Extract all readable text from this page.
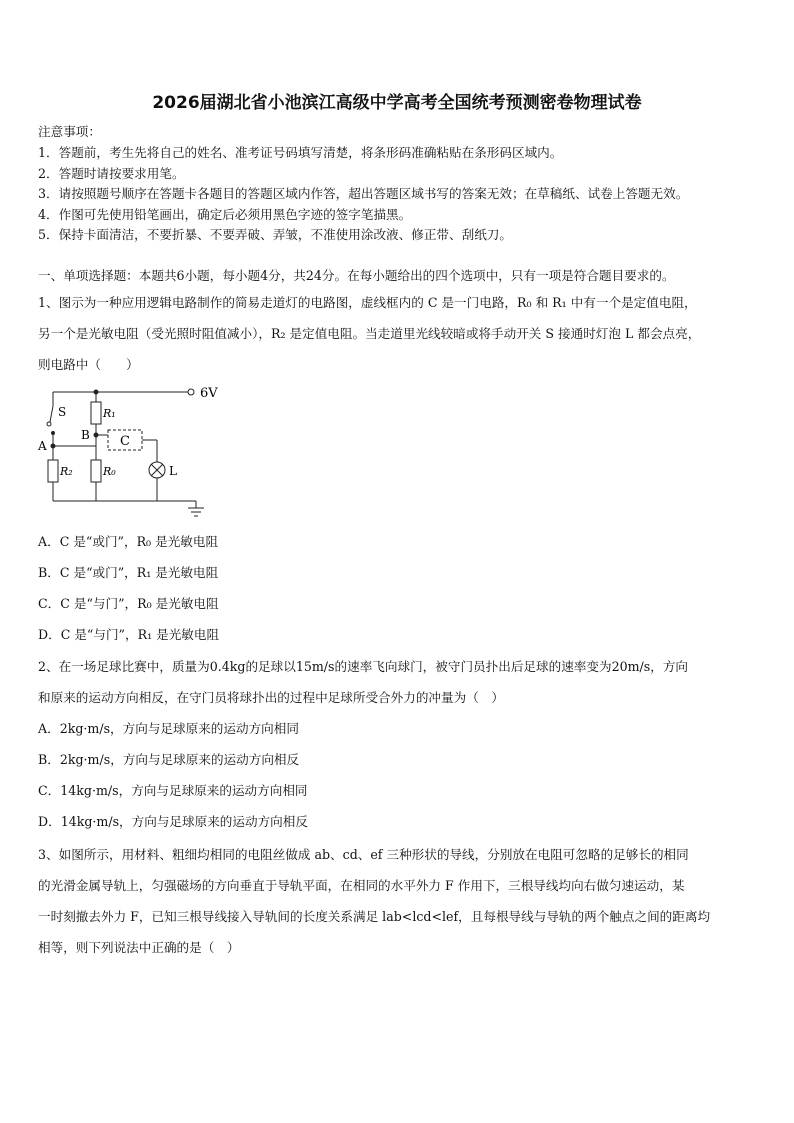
2026届湖北省小池滨江高级中学高考全国统考预测密卷物理试卷
注意事项：
1．答题前，考生先将自己的姓名、准考证号码填写清楚，将条形码准确粘贴在条形码区域内。
2．答题时请按要求用笔。
3．请按照题号顺序在答题卡各题目的答题区域内作答，超出答题区域书写的答案无效；在草稿纸、试卷上答题无效。
4．作图可先使用铅笔画出，确定后必须用黑色字迹的签字笔描黑。
5．保持卡面清洁，不要折暴、不要弄破、弄皱，不准使用涂改液、修正带、刮纸刀。
一、单项选择题：本题共6小题，每小题4分，共24分。在每小题给出的四个选项中，只有一项是符合题目要求的。
1、图示为一种应用逻辑电路制作的简易走道灯的电路图，虚线框内的 C 是一门电路，R₀ 和 R₁ 中有一个是定值电阻，
另一个是光敏电阻（受光照时阻值减小），R₂ 是定值电阻。当走道里光线较暗或将手动开关 S 接通时灯泡 L 都会点亮，
则电路中（　　）
6V
S
A
B C
L
R₁
R₀
R₂
A．C 是“或门”，R₀ 是光敏电阻
B．C 是“或门”，R₁ 是光敏电阻
C．C 是“与门”，R₀ 是光敏电阻
D．C 是“与门”，R₁ 是光敏电阻
2、在一场足球比赛中，质量为0.4kg的足球以15m/s的速率飞向球门，被守门员扑出后足球的速率变为20m/s，方向
和原来的运动方向相反，在守门员将球扑出的过程中足球所受合外力的冲量为（　）
A．2kg·m/s，方向与足球原来的运动方向相同
B．2kg·m/s，方向与足球原来的运动方向相反
C．14kg·m/s，方向与足球原来的运动方向相同
D．14kg·m/s，方向与足球原来的运动方向相反
3、如图所示，用材料、粗细均相同的电阻丝做成 ab、cd、ef 三种形状的导线，分别放在电阻可忽略的足够长的相同
的光滑金属导轨上，匀强磁场的方向垂直于导轨平面，在相同的水平外力 F 作用下，三根导线均向右做匀速运动，某
一时刻撤去外力 F，已知三根导线接入导轨间的长度关系满足 lab<lcd<lef，且每根导线与导轨的两个触点之间的距离均
相等，则下列说法中正确的是（　）
